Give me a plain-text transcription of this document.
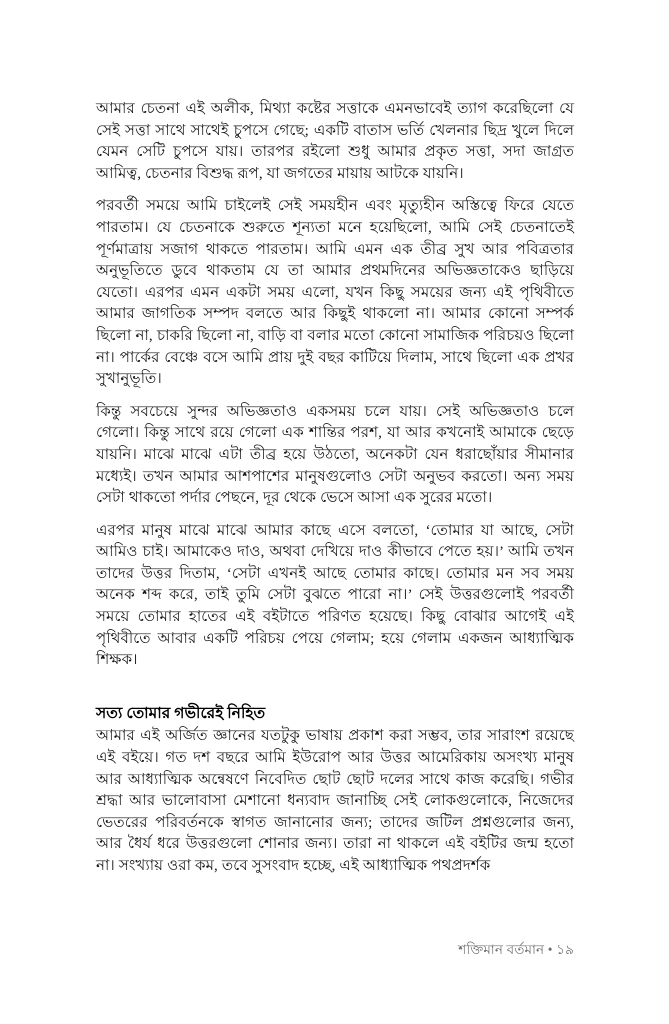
আমার চেতনা এই অলীক, মিথ্যা কষ্টের সত্তাকে এমনভাবেই ত্যাগ করেছিলো যে সেই সত্তা সাথে সাথেই চুপসে গেছে; একটি বাতাস ভর্তি খেলনার ছিদ্র খুলে দিলে যেমন সেটি চুপসে যায়। তারপর রইলো শুধু আমার প্রকৃত সত্তা, সদা জাগ্রত আমিত্ব, চেতনার বিশুদ্ধ রূপ, যা জগতের মায়ায় আটকে যায়নি।

পরবর্তী সময়ে আমি চাইলেই সেই সময়হীন এবং মৃত্যুহীন অস্তিত্বে ফিরে যেতে পারতাম। যে চেতনাকে শুরুতে শূন্যতা মনে হয়েছিলো, আমি সেই চেতনাতেই পূর্ণমাত্রায় সজাগ থাকতে পারতাম। আমি এমন এক তীব্র সুখ আর পবিত্রতার অনুভূতিতে ডুবে থাকতাম যে তা আমার প্রথমদিনের অভিজ্ঞতাকেও ছাড়িয়ে যেতো। এরপর এমন একটা সময় এলো, যখন কিছু সময়ের জন্য এই পৃথিবীতে আমার জাগতিক সম্পদ বলতে আর কিছুই থাকলো না। আমার কোনো সম্পর্ক ছিলো না, চাকরি ছিলো না, বাড়ি বা বলার মতো কোনো সামাজিক পরিচয়ও ছিলো না। পার্কের বেঞ্চে বসে আমি প্রায় দুই বছর কাটিয়ে দিলাম, সাথে ছিলো এক প্রখর সুখানুভূতি।

কিন্তু সবচেয়ে সুন্দর অভিজ্ঞতাও একসময় চলে যায়। সেই অভিজ্ঞতাও চলে গেলো। কিন্তু সাথে রয়ে গেলো এক শান্তির পরশ, যা আর কখনোই আমাকে ছেড়ে যায়নি। মাঝে মাঝে এটা তীব্র হয়ে উঠতো, অনেকটা যেন ধরাছোঁয়ার সীমানার মধ্যেই। তখন আমার আশপাশের মানুষগুলোও সেটা অনুভব করতো। অন্য সময় সেটা থাকতো পর্দার পেছনে, দূর থেকে ভেসে আসা এক সুরের মতো।

এরপর মানুষ মাঝে মাঝে আমার কাছে এসে বলতো, ‘তোমার যা আছে, সেটা আমিও চাই। আমাকেও দাও, অথবা দেখিয়ে দাও কীভাবে পেতে হয়।’ আমি তখন তাদের উত্তর দিতাম, ‘সেটা এখনই আছে তোমার কাছে। তোমার মন সব সময় অনেক শব্দ করে, তাই তুমি সেটা বুঝতে পারো না।’ সেই উত্তরগুলোই পরবর্তী সময়ে তোমার হাতের এই বইটাতে পরিণত হয়েছে। কিছু বোঝার আগেই এই পৃথিবীতে আবার একটি পরিচয় পেয়ে গেলাম; হয়ে গেলাম একজন আধ্যাত্মিক শিক্ষক।

সত্য তোমার গভীরেই নিহিত

আমার এই অর্জিত জ্ঞানের যতটুকু ভাষায় প্রকাশ করা সম্ভব, তার সারাংশ রয়েছে এই বইয়ে। গত দশ বছরে আমি ইউরোপ আর উত্তর আমেরিকায় অসংখ্য মানুষ আর আধ্যাত্মিক অন্বেষণে নিবেদিত ছোট ছোট দলের সাথে কাজ করেছি। গভীর শ্রদ্ধা আর ভালোবাসা মেশানো ধন্যবাদ জানাচ্ছি সেই লোকগুলোকে, নিজেদের ভেতরের পরিবর্তনকে স্বাগত জানানোর জন্য; তাদের জটিল প্রশ্নগুলোর জন্য, আর ধৈর্য ধরে উত্তরগুলো শোনার জন্য। তারা না থাকলে এই বইটির জন্ম হতো না। সংখ্যায় ওরা কম, তবে সুসংবাদ হচ্ছে, এই আধ্যাত্মিক পথপ্রদর্শক

শক্তিমান বর্তমান • ১৯
